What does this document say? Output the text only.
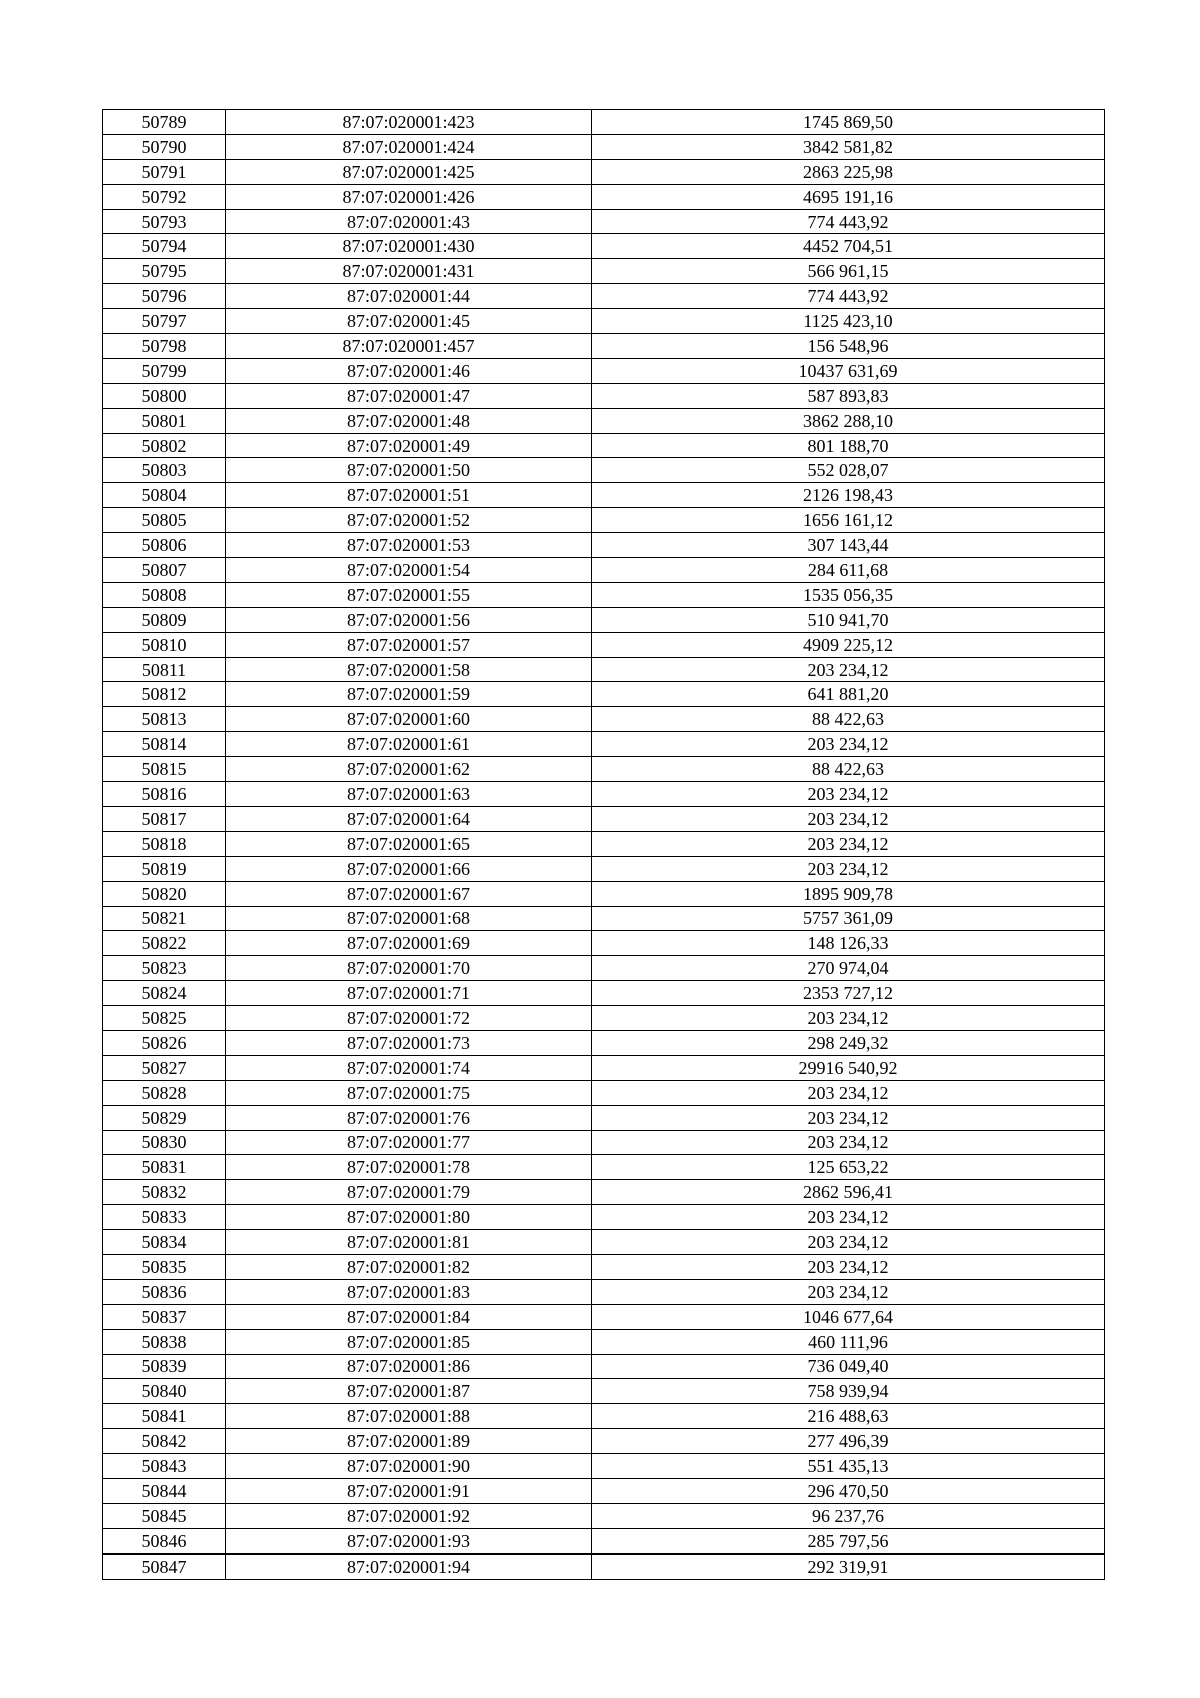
50789	87:07:020001:423	1745 869,50
50790	87:07:020001:424	3842 581,82
50791	87:07:020001:425	2863 225,98
50792	87:07:020001:426	4695 191,16
50793	87:07:020001:43	774 443,92
50794	87:07:020001:430	4452 704,51
50795	87:07:020001:431	566 961,15
50796	87:07:020001:44	774 443,92
50797	87:07:020001:45	1125 423,10
50798	87:07:020001:457	156 548,96
50799	87:07:020001:46	10437 631,69
50800	87:07:020001:47	587 893,83
50801	87:07:020001:48	3862 288,10
50802	87:07:020001:49	801 188,70
50803	87:07:020001:50	552 028,07
50804	87:07:020001:51	2126 198,43
50805	87:07:020001:52	1656 161,12
50806	87:07:020001:53	307 143,44
50807	87:07:020001:54	284 611,68
50808	87:07:020001:55	1535 056,35
50809	87:07:020001:56	510 941,70
50810	87:07:020001:57	4909 225,12
50811	87:07:020001:58	203 234,12
50812	87:07:020001:59	641 881,20
50813	87:07:020001:60	88 422,63
50814	87:07:020001:61	203 234,12
50815	87:07:020001:62	88 422,63
50816	87:07:020001:63	203 234,12
50817	87:07:020001:64	203 234,12
50818	87:07:020001:65	203 234,12
50819	87:07:020001:66	203 234,12
50820	87:07:020001:67	1895 909,78
50821	87:07:020001:68	5757 361,09
50822	87:07:020001:69	148 126,33
50823	87:07:020001:70	270 974,04
50824	87:07:020001:71	2353 727,12
50825	87:07:020001:72	203 234,12
50826	87:07:020001:73	298 249,32
50827	87:07:020001:74	29916 540,92
50828	87:07:020001:75	203 234,12
50829	87:07:020001:76	203 234,12
50830	87:07:020001:77	203 234,12
50831	87:07:020001:78	125 653,22
50832	87:07:020001:79	2862 596,41
50833	87:07:020001:80	203 234,12
50834	87:07:020001:81	203 234,12
50835	87:07:020001:82	203 234,12
50836	87:07:020001:83	203 234,12
50837	87:07:020001:84	1046 677,64
50838	87:07:020001:85	460 111,96
50839	87:07:020001:86	736 049,40
50840	87:07:020001:87	758 939,94
50841	87:07:020001:88	216 488,63
50842	87:07:020001:89	277 496,39
50843	87:07:020001:90	551 435,13
50844	87:07:020001:91	296 470,50
50845	87:07:020001:92	96 237,76
50846	87:07:020001:93	285 797,56
50847	87:07:020001:94	292 319,91
